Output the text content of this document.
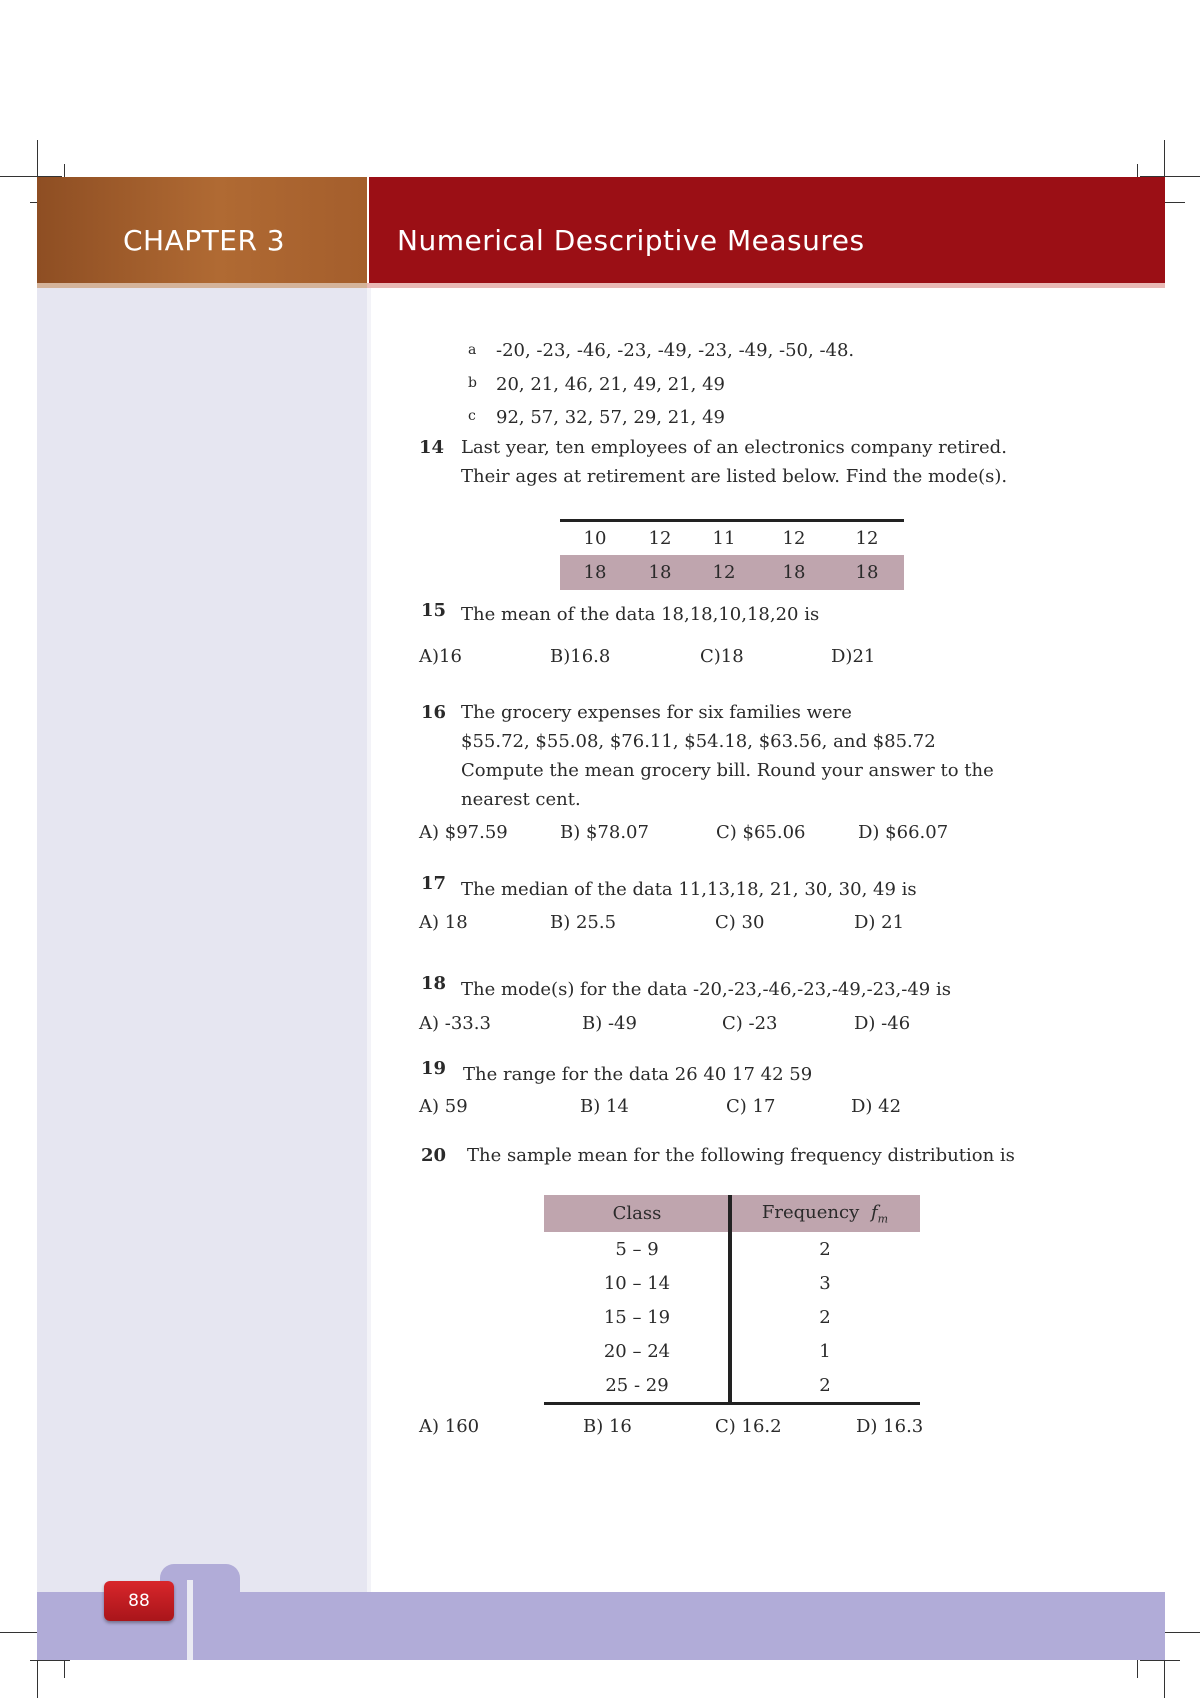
CHAPTER 3	Numerical Descriptive Measures
88
a -20, -23, -46, -23, -49, -23, -49, -50, -48.
b 20, 21, 46, 21, 49, 21, 49
c 92, 57, 32, 57, 29, 21, 49
14 Last year, ten employees of an electronics company retired.
Their ages at retirement are listed below. Find the mode(s).
10	12	11	12	12
18	18	12	18	18
15 The mean of the data 18,18,10,18,20 is
A)16	B)16.8	C)18	D)21
16 The grocery expenses for six families were
$55.72, $55.08, $76.11, $54.18, $63.56, and $85.72
Compute the mean grocery bill. Round your answer to the
nearest cent.
A) $97.59	B) $78.07	C) $65.06	D) $66.07
17 The median of the data 11,13,18, 21, 30, 30, 49 is
A) 18	B) 25.5	C) 30	D) 21
18 The mode(s) for the data -20,-23,-46,-23,-49,-23,-49 is
A) -33.3	B) -49	C) -23	D) -46
19 The range for the data 26 40 17 42 59
A) 59	B) 14	C) 17	D) 42
20 The sample mean for the following frequency distribution is
Class	Frequency $f_m$
5 – 9	2
10 – 14	3
15 – 19	2
20 – 24	1
25 - 29	2
A) 160	B) 16	C) 16.2	D) 16.3
